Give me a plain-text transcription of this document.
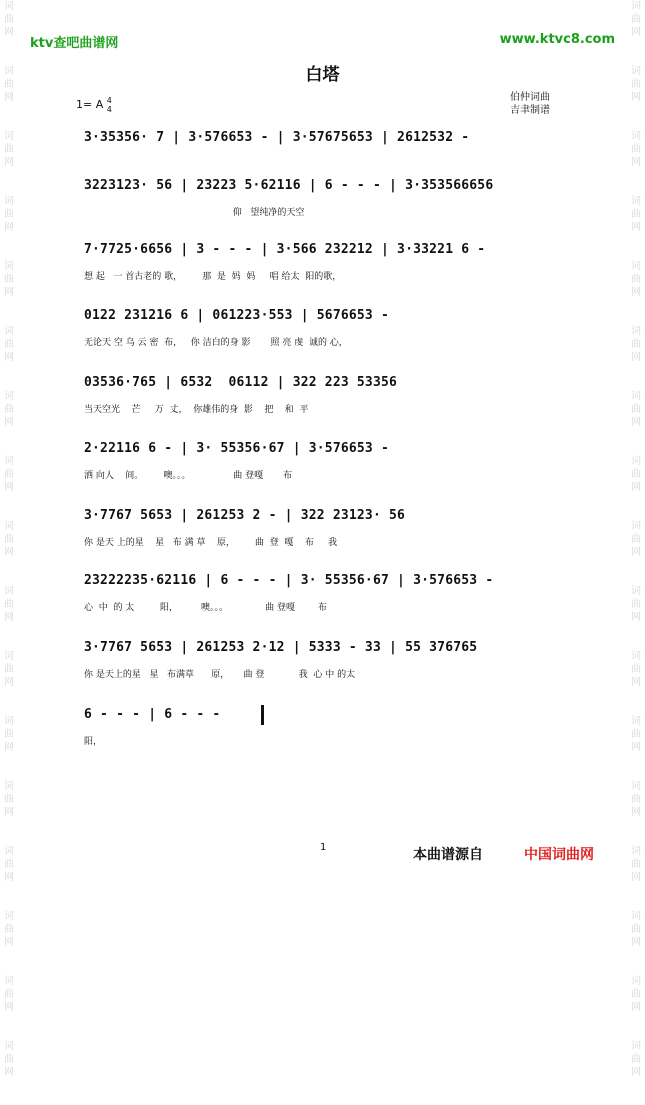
词
曲
网

词
曲
网

词
曲
网

词
曲
网

词
曲
网

词
曲
网

词
曲
网

词
曲
网

词
曲
网

词
曲
网

词
曲
网

词
曲
网

词
曲
网

词
曲
网

词
曲
网

词
曲
网

词
曲
网

词
曲
网

词
曲
网

词
曲
网

词
曲
网

词
曲
网

词
曲
网

词
曲
网

词
曲
网

词
曲
网

词
曲
网

词
曲
网

词
曲
网

词
曲
网

词
曲
网

词
曲
网

词
曲
网

词
曲
网

ktv查吧曲谱网	www.ktvc8.com
白塔
伯仲词曲
吉聿制谱
1= A 4
4
3·35356· 7 | 3·576653 - | 3·57675653 | 2612532 -
3223123· 56 | 23223 5·62116 | 6 - - - | 3·353566656
仰   望纯净的天空
7·7725·6656 | 3 - - - | 3·566 232212 | 3·33221 6 -
想 起   一 首古老的 歌，       那  是  妈  妈     唱 给太  阳的歌，
0122 231216 6 | 061223·553 | 5676653 -
无论天 空 乌 云 密  布，   你 洁白的身 影       照 亮 虔  诚的 心，
03536·765 | 6532  06112 | 322 223 53356
当天空光    芒     万  丈，  你雄伟的身  影    把    和  平
2·22116 6 - | 3· 55356·67 | 3·576653 -
洒 向人    间。       噢。。。               曲 登嘎       布
3·7767 5653 | 261253 2 - | 322 23123· 56
你 是天 上的星    星   布 满 草    原，       曲  登  嘎    布     我
23222235·62116 | 6 - - - | 3· 55356·67 | 3·576653 -
心  中  的 太         阳，        噢。。。             曲 登嘎        布
3·7767 5653 | 261253 2·12 | 5333 - 33 | 55 376765
你 是天上的星   星   布满草      原，     曲 登            我  心 中 的太
6 - - - | 6 - - -
阳，
1	本曲谱源自	中国词曲网
